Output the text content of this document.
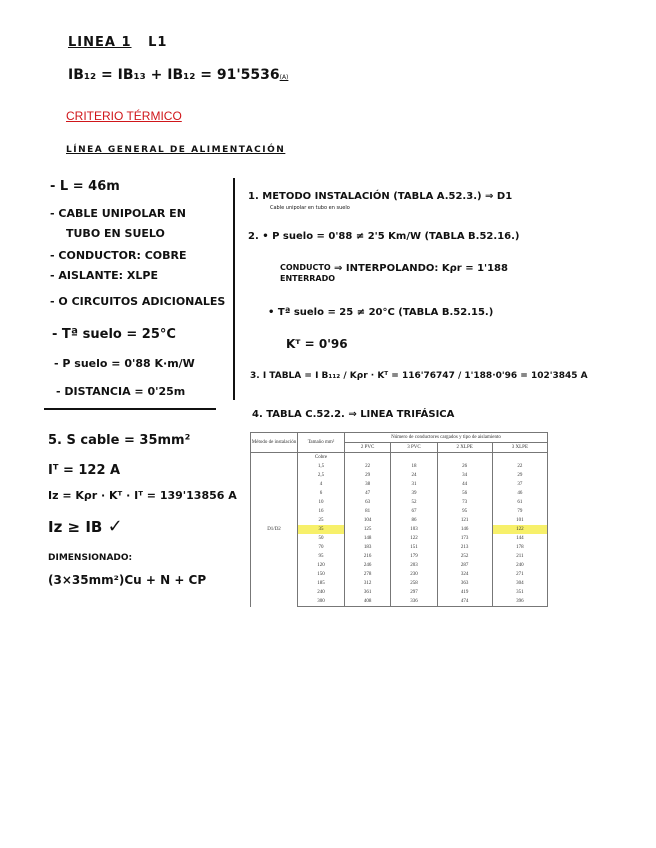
LINEA 1 L1
IB₁₂ = IB₁₃ + IB₁₂ = 91'5536(A)
CRITERIO TÉRMICO
LÍNEA GENERAL DE ALIMENTACIÓN
- L = 46m
- CABLE UNIPOLAR EN
TUBO EN SUELO
- CONDUCTOR: COBRE
- AISLANTE: XLPE
- O CIRCUITOS ADICIONALES
- Tª suelo = 25°C
- P suelo = 0'88 K·m/W
- DISTANCIA = 0'25m
1. METODO INSTALACIÓN (TABLA A.52.3.) ⇒ D1
Cable unipolar en tubo en suelo
2. • P suelo = 0'88 ≠ 2'5 Km/W (TABLA B.52.16.)
CONDUCTO
ENTERRADO
⇒ INTERPOLANDO: Kρr = 1'188
• Tª suelo = 25 ≠ 20°C (TABLA B.52.15.)
Kᵀ = 0'96
3. I TABLA = I B₁₁₂ / Kρr · Kᵀ = 116'76747 / 1'188·0'96 = 102'3845 A
4. TABLA C.52.2. ⇒ LINEA TRIFÁSICA
5. S cable = 35mm²
Iᵀ = 122 A
Iz = Kρr · Kᵀ · Iᵀ = 139'13856 A
Iz ≥ IB ✓
DIMENSIONADO:
(3×35mm²)Cu + N + CP
Método de instalación	Tamaño mm²	Número de conductores cargados y tipo de aislamiento			
		2 PVC	3 PVC	2 XLPE	3 XLPE
D1/D2	Cobre				
	1,5	22	18	26	22
	2,5	29	24	34	29
	4	38	31	44	37
	6	47	39	56	46
	10	63	52	73	61
	16	81	67	95	79
	25	104	86	121	101
	35	125	103	146	122
	50	148	122	173	144
	70	183	151	213	178
	95	216	179	252	211
	120	246	203	287	240
	150	278	230	324	271
	185	312	258	363	304
	240	361	297	419	351
	300	408	336	474	396
